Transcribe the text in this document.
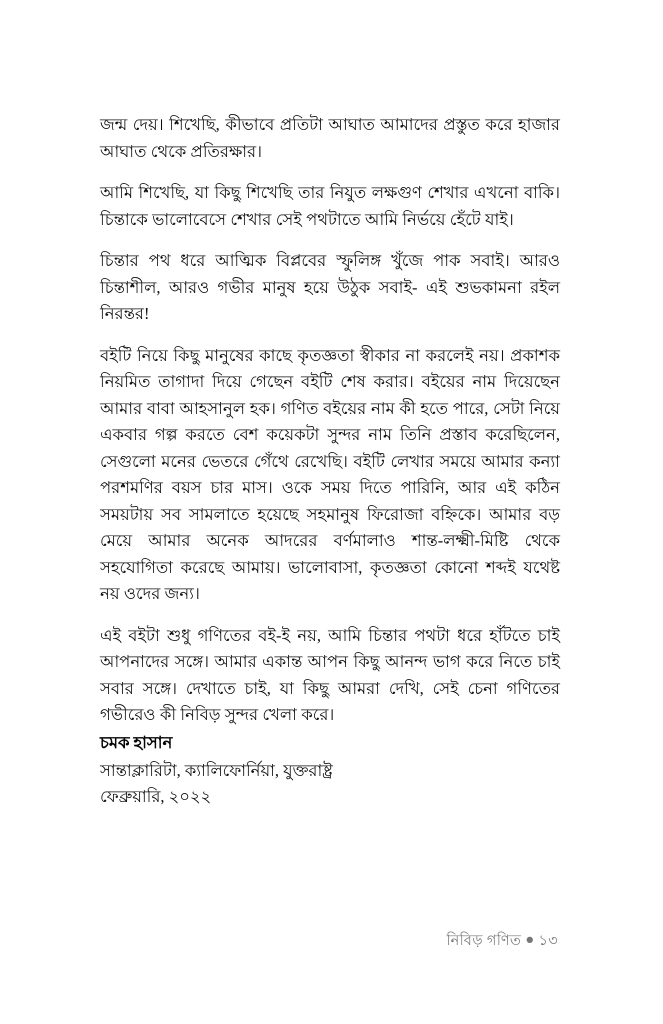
জন্ম দেয়। শিখেছি, কীভাবে প্রতিটা আঘাত আমাদের প্রস্তুত করে হাজার আঘাত থেকে প্রতিরক্ষার।

আমি শিখেছি, যা কিছু শিখেছি তার নিযুত লক্ষগুণ শেখার এখনো বাকি। চিন্তাকে ভালোবেসে শেখার সেই পথটাতে আমি নির্ভয়ে হেঁটে যাই।

চিন্তার পথ ধরে আত্মিক বিপ্লবের স্ফুলিঙ্গ খুঁজে পাক সবাই। আরও চিন্তাশীল, আরও গভীর মানুষ হয়ে উঠুক সবাই- এই শুভকামনা রইল নিরন্তর!

বইটি নিয়ে কিছু মানুষের কাছে কৃতজ্ঞতা স্বীকার না করলেই নয়। প্রকাশক নিয়মিত তাগাদা দিয়ে গেছেন বইটি শেষ করার। বইয়ের নাম দিয়েছেন আমার বাবা আহসানুল হক। গণিত বইয়ের নাম কী হতে পারে, সেটা নিয়ে একবার গল্প করতে বেশ কয়েকটা সুন্দর নাম তিনি প্রস্তাব করেছিলেন, সেগুলো মনের ভেতরে গেঁথে রেখেছি। বইটি লেখার সময়ে আমার কন্যা পরশমণির বয়স চার মাস। ওকে সময় দিতে পারিনি, আর এই কঠিন সময়টায় সব সামলাতে হয়েছে সহমানুষ ফিরোজা বহ্নিকে। আমার বড় মেয়ে আমার অনেক আদরের বর্ণমালাও শান্ত-লক্ষ্মী-মিষ্টি থেকে সহযোগিতা করেছে আমায়। ভালোবাসা, কৃতজ্ঞতা কোনো শব্দই যথেষ্ট নয় ওদের জন্য।

এই বইটা শুধু গণিতের বই-ই নয়, আমি চিন্তার পথটা ধরে হাঁটতে চাই আপনাদের সঙ্গে। আমার একান্ত আপন কিছু আনন্দ ভাগ করে নিতে চাই সবার সঙ্গে। দেখাতে চাই, যা কিছু আমরা দেখি, সেই চেনা গণিতের গভীরেও কী নিবিড় সুন্দর খেলা করে।

চমক হাসান

সান্তাক্লারিটা, ক্যালিফোর্নিয়া, যুক্তরাষ্ট্র

ফেব্রুয়ারি, ২০২২

নিবিড় গণিত ● ১৩
